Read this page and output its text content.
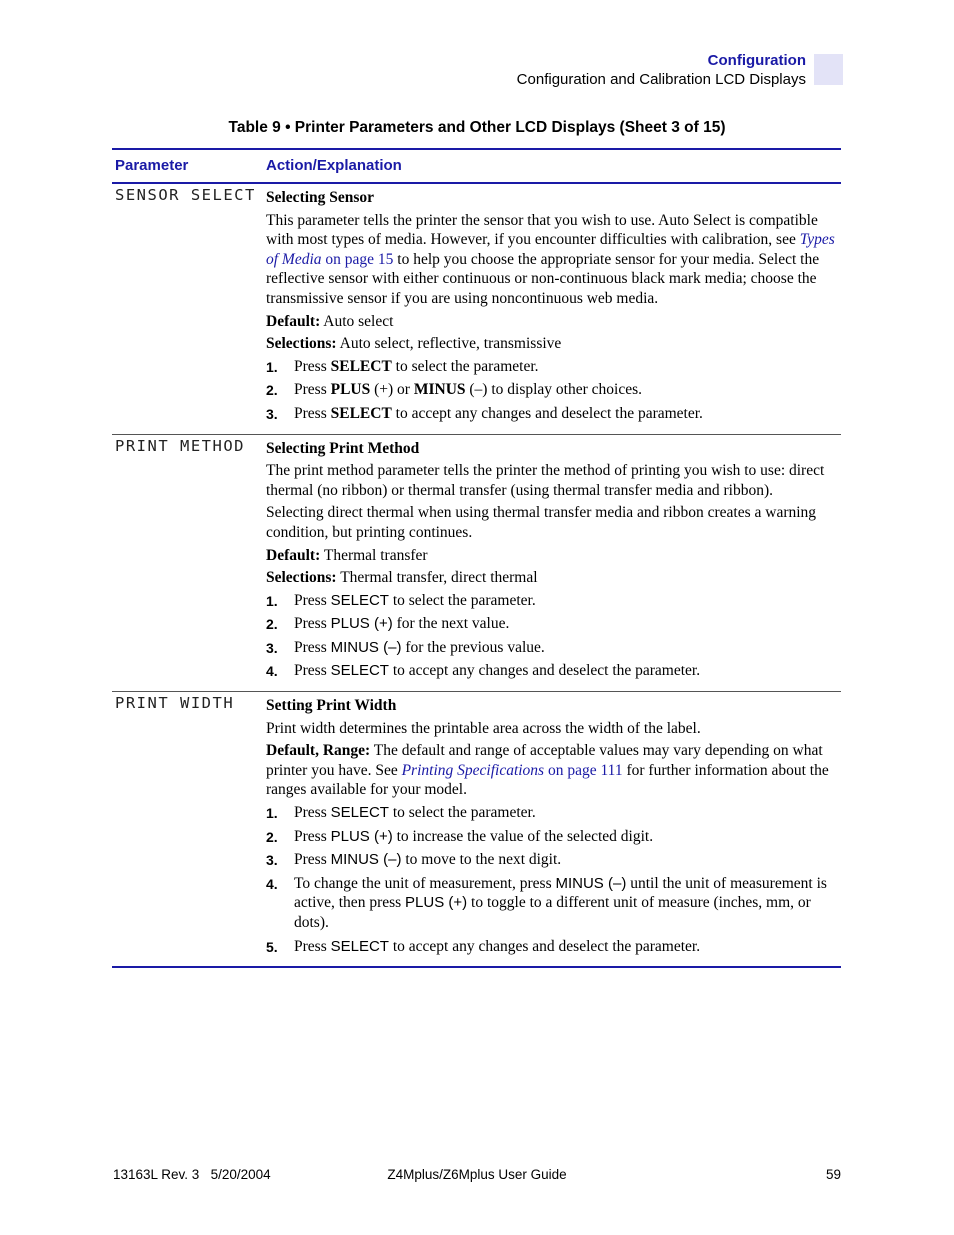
Configuration
Configuration and Calibration LCD Displays
Table 9 • Printer Parameters and Other LCD Displays (Sheet 3 of 15)
Parameter	Action/Explanation
SENSOR SELECT Selecting Sensor

This parameter tells the printer the sensor that you wish to use. Auto Select is compatible with most types of media. However, if you encounter difficulties with calibration, see Types of Media on page 15 to help you choose the appropriate sensor for your media. Select the reflective sensor with either continuous or non-continuous black mark media; choose the transmissive sensor if you are using noncontinuous web media.

Default: Auto select

Selections: Auto select, reflective, transmissive

1. Press SELECT to select the parameter.
2. Press PLUS (+) or MINUS (–) to display other choices.
3. Press SELECT to accept any changes and deselect the parameter.
PRINT METHOD Selecting Print Method

The print method parameter tells the printer the method of printing you wish to use: direct thermal (no ribbon) or thermal transfer (using thermal transfer media and ribbon).

Selecting direct thermal when using thermal transfer media and ribbon creates a warning condition, but printing continues.

Default: Thermal transfer

Selections: Thermal transfer, direct thermal

1. Press SELECT to select the parameter.
2. Press PLUS (+) for the next value.
3. Press MINUS (–) for the previous value.
4. Press SELECT to accept any changes and deselect the parameter.
PRINT WIDTH Setting Print Width

Print width determines the printable area across the width of the label.

Default, Range: The default and range of acceptable values may vary depending on what printer you have. See Printing Specifications on page 111 for further information about the ranges available for your model.

1. Press SELECT to select the parameter.
2. Press PLUS (+) to increase the value of the selected digit.
3. Press MINUS (–) to move to the next digit.
4. To change the unit of measurement, press MINUS (–) until the unit of measurement is active, then press PLUS (+) to toggle to a different unit of measure (inches, mm, or dots).
5. Press SELECT to accept any changes and deselect the parameter.
13163L Rev. 3   5/20/2004	Z4Mplus/Z6Mplus User Guide	59
